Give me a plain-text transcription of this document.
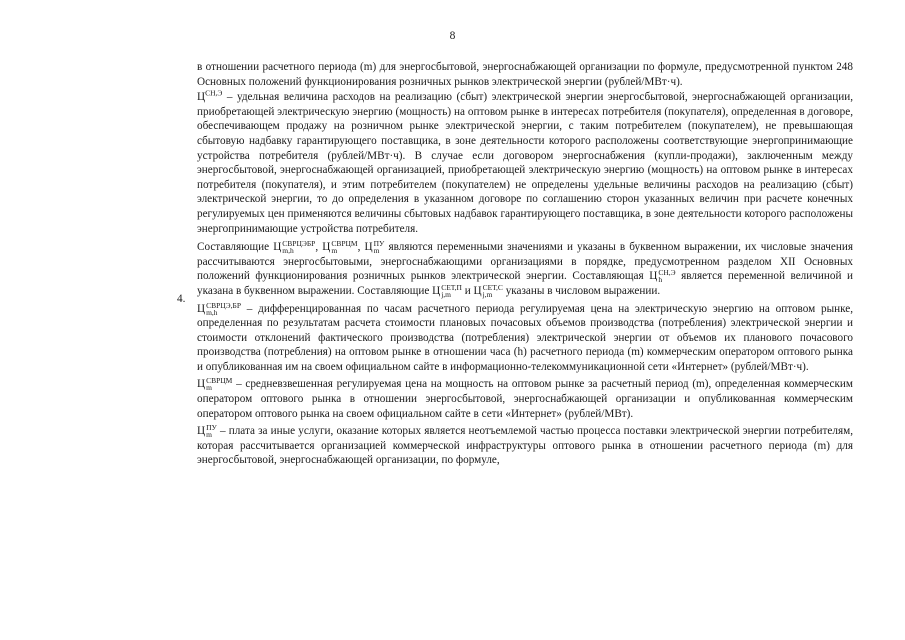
8
4.

в отношении расчетного периода (m) для энергосбытовой, энергоснабжающей организации по формуле, предусмотренной пунктом 248 Основных положений функционирования розничных рынков электрической энергии (рублей/МВт·ч).

$Ц^{СН,Э}$ – удельная величина расходов на реализацию (сбыт) электрической энергии энергосбытовой, энергоснабжающей организации, приобретающей электрическую энергию (мощность) на оптовом рынке в интересах потребителя (покупателя), определенная в договоре, обеспечивающем продажу на розничном рынке электрической энергии, с таким потребителем (покупателем), не превышающая сбытовую надбавку гарантирующего поставщика, в зоне деятельности которого расположены соответствующие энергопринимающие устройства потребителя (рублей/МВт·ч). В случае если договором энергоснабжения (купли-продажи), заключенным между энергосбытовой, энергоснабжающей организацией, приобретающей электрическую энергию (мощность) на оптовом рынке в интересах потребителя (покупателя), и этим потребителем (покупателем) не определены удельные величины расходов на реализацию (сбыт) электрической энергии, то до определения в указанном договоре по соглашению сторон указанных величин при расчете конечных регулируемых цен применяются величины сбытовых надбавок гарантирующего поставщика, в зоне деятельности которого расположены энергопринимающие устройства потребителя.

Составляющие Ц СВРЦЭБР
m,h	, Ц СВРЦМ
m	, Ц ПУ
m являются переменными значениями и указаны в буквенном выражении, их числовые значения рассчитываются энергосбытовыми, энергоснабжающими организациями в порядке, предусмотренном разделом XII Основных положений функционирования розничных рынков электрической энергии. Составляющая Ц СН,Э
h	является переменной величиной и указана в буквенном выражении. Составляющие Ц СЕТ,П
j,m и Ц СЕТ,С
j,m указаны в числовом выражении.

Ц СВРЦЭ,БР
m,h	– дифференцированная по часам расчетного периода регулируемая цена на электрическую энергию на оптовом рынке, определенная по результатам расчета стоимости плановых почасовых объемов производства (потребления) электрической энергии и стоимости отклонений фактического производства (потребления) электрической энергии от объемов их планового почасового производства (потребления) на оптовом рынке в отношении часа (h) расчетного периода (m) коммерческим оператором оптового рынка и опубликованная им на своем официальном сайте в информационно-телекоммуникационной сети «Интернет» (рублей/МВт·ч).

Ц СВРЦМ
m	– средневзвешенная регулируемая цена на мощность на оптовом рынке за расчетный период (m), определенная коммерческим оператором оптового рынка в отношении энергосбытовой, энергоснабжающей организации и опубликованная коммерческим оператором оптового рынка на своем официальном сайте в сети «Интернет» (рублей/МВт).

Ц ПУ
m – плата за иные услуги, оказание которых является неотъемлемой частью процесса поставки электрической энергии потребителям, которая рассчитывается организацией коммерческой инфраструктуры оптового рынка в отношении расчетного периода (m) для энергосбытовой, энергоснабжающей организации, по формуле,
